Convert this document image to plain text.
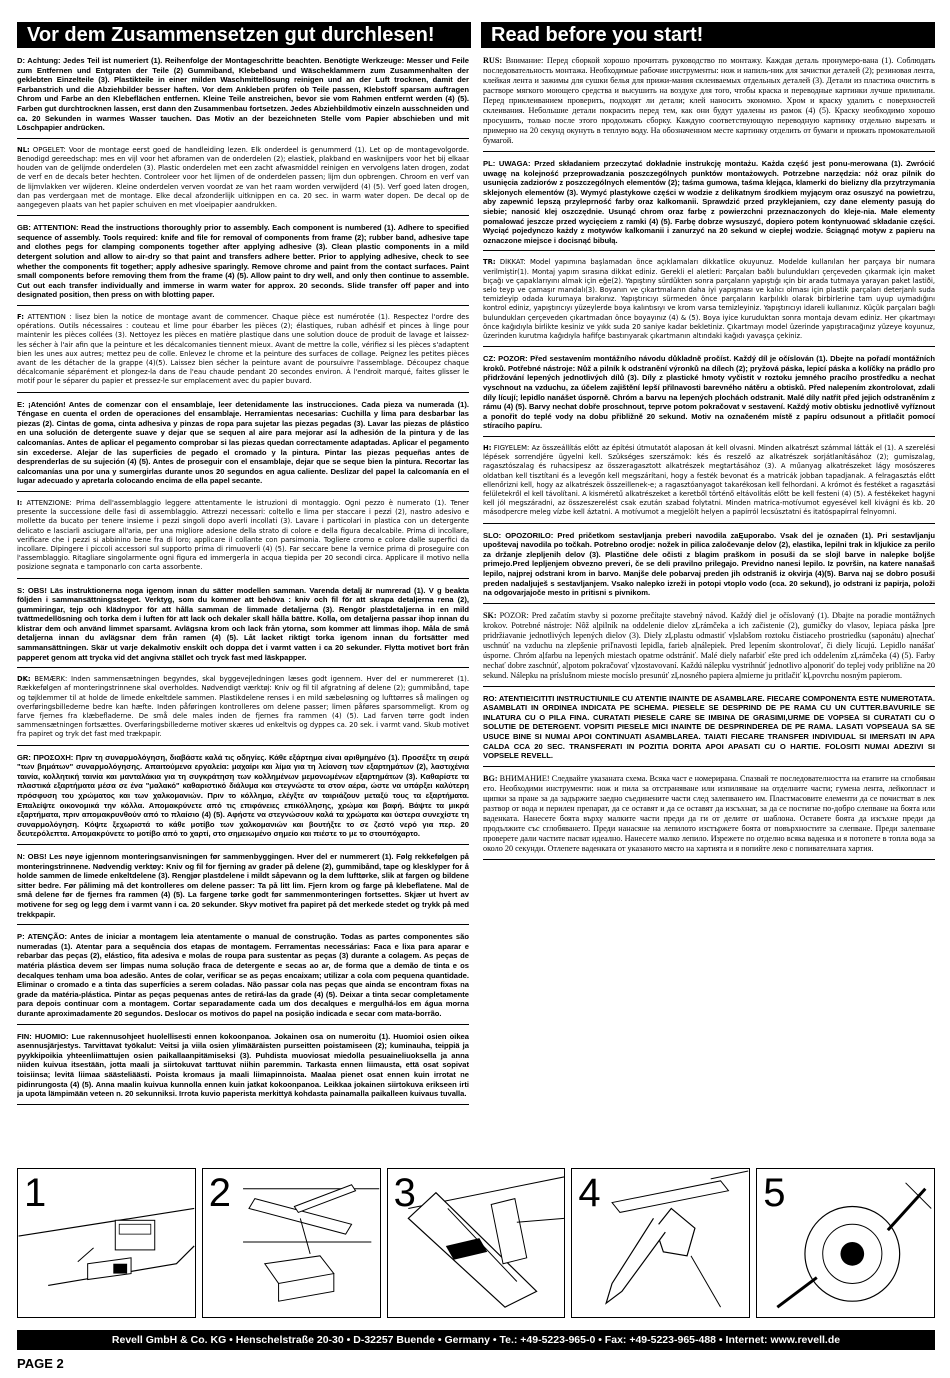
Vor dem Zusammensetzen gut durchlesen!	Read before you start!
D: Achtung: Jedes Teil ist numeriert (1). Reihenfolge der Montageschritte beachten. Benötigte Werkzeuge: Messer und Feile zum Entfernen und Entgraten der Teile (2) Gummiband, Klebeband und Wäscheklammern zum Zusammenhalten der geklebten Einzelteile (3). Plastikteile in einer milden Waschmittellösung reinigen und an der Luft trocknen, damit der Farbanstrich und die Abziehbilder besser haften. Vor dem Ankleben prüfen ob Teile passen, Klebstoff sparsam auftragen Chrom und Farbe an den Klebeflächen entfernen. Kleine Teile anstreichen, bevor sie vom Rahmen entfernt werden (4) (5). Farben gut durchtrocknen lassen, erst dann den Zusammenbau fortsetzen. Jedes Abziehbildmotiv einzeln ausschneiden und ca. 20 Sekunden in warmes Wasser tauchen. Das Motiv an der bezeichneten Stelle vom Papier abschieben und mit Löschpapier andrücken.
NL: OPGELET: Voor de montage eerst goed de handleiding lezen. Elk onderdeel is genummerd (1). Let op de montagevolgorde. Benodigd gereedschap: mes en vijl voor het afbramen van de onderdelen (2); elastiek, plakband en wasknijpers voor het bij elkaar houden van de gelijmde onderdelen (3). Plastic onderdelen met een zacht afwasmiddel reinigen en vervolgens laten drogen, zodat de verf en de decals beter hechten. Controleer voor het lijmen of de onderdelen passen; lijm dun opbrengen. Chroom en verf van de lijmvlakken ver wijderen. Kleine onderdelen verven voordat ze van het raam worden verwijderd (4) (5). Verf goed laten drogen, dan pas verdergaan met de montage. Elke decal afzonderlijk uitknippen en ca. 20 sec. in warm water dopen. De decal op de aangegeven plaats van het papier schuiven en met vloeipapier aandrukken.
GB: ATTENTION: Read the instructions thoroughly prior to assembly. Each component is numbered (1). Adhere to specified sequence of assembly. Tools required: knife and file for removal of components from frame (2); rubber band, adhesive tape and clothes pegs for clamping components together after applying adhesive (3). Clean plastic components in a mild detergent solution and allow to air-dry so that paint and transfers adhere better. Prior to applying adhesive, check to see whether the components fit together; apply adhesive sparingly. Remove chrome and paint from the contact surfaces. Paint small components before removing them from the frame (4) (5). Allow paint to dry well, and only then continue to assemble. Cut out each transfer individually and immerse in warm water for approx. 20 seconds. Slide transfer off paper and into designated position, then press on with blotting paper.
F: ATTENTION : lisez bien la notice de montage avant de commencer. Chaque pièce est numérotée (1). Respectez l'ordre des opérations. Outils nécessaires : couteau et lime pour ébarber les pièces (2); élastiques, ruban adhésif et pinces à linge pour maintenir les pièces collées (3). Nettoyez les pièces en matière plastique dans une solution douce de produit de lavage et laissez-les sécher à l'air afin que la peinture et les décalcomanies tiennent mieux. Avant de mettre la colle, vérifiez si les pièces s'adaptent bien les unes aux autres; mettez peu de colle. Enlevez le chrome et la peinture des surfaces de collage. Peignez les petites pièces avant de les détacher de la grappe (4)(5). Laissez bien sécher la peinture avant de poursuivre l'assemblage. Découpez chaque décalcomanie séparément et plongez-la dans de l'eau chaude pendant 20 secondes environ. À l'endroit marqué, faites glisser le motif pour le séparer du papier et pressez-le sur emplacement avec du papier buvard.
E: ¡Atención! Antes de comenzar con el ensamblaje, leer detenidamente las instrucciones. Cada pieza va numerada (1). Téngase en cuenta el orden de operaciones del ensamblaje. Herramientas necesarias: Cuchilla y lima para desbarbar las piezas (2). Cintas de goma, cinta adhesiva y pinzas de ropa para sujetar las piezas pegadas (3). Lavar las piezas de plástico en una solución de detergente suave y dejar que se sequen al aire para mejorar así la adhesión de la pintura y de las calcomanías. Antes de aplicar el pegamento comprobar si las piezas quedan correctamente adaptadas. Aplicar el pegamento sin excederse. Alejar de las superficies de pegado el cromado y la pintura. Pintar las piezas pequeñas antes de desprenderlas de su sujeción (4) (5). Antes de proseguir con el ensamblaje, dejar que se seque bien la pintura. Recortar las calcomanías una por una y sumergirlas durante unos 20 segundos en agua caliente. Deslizar del papel la calcomanía en el lugar adecuado y apretarla colocando encima de ella papel secante.
I: ATTENZIONE: Prima dell'assemblaggio leggere attentamente le istruzioni di montaggio. Ogni pezzo è numerato (1). Tener presente la successione delle fasi di assemblaggio. Attrezzi necessari: coltello e lima per staccare i pezzi (2), nastro adesivo e mollette da bucato per tenere insieme i pezzi singoli dopo averli incollati (3). Lavare i particolari in plastica con un detergente delicato e lasciarli asciugare all'aria, per una migliore adesione della strato di colore e della figura decalcabile. Prima di incollare, verificare che i pezzi si abbinino bene fra di loro; applicare il collante con parsimonia. Togliere cromo e colore dalle superfici da incollare. Dipingere i piccoli accessori sul supporto prima di rimuoverli (4) (5). Far seccare bene la vernice prima di proseguire con l'assemblaggio. Ritagliare singolarmente ogni figura ed immergerla in acqua tiepida per 20 secondi circa. Applicare il motivo nella posizione segnata e tamponarlo con carta assorbente.
S: OBS! Läs instruktionerna noga igenom innan du sätter modellen samman. Varenda detalj är numrerad (1). V g beakta följden i sammansättningssteget. Verktyg, som du kommer att behöva : kniv och fil för att skrapa detaljerna rena (2), gummiringar, tejp och klädnypor för att hålla samman de limmade detaljerna (3). Rengör plastdetaljerna in en mild tvättmedellösning och torka dem i luften för att lack och dekaler skall hålla bättre. Kolla, om detaljerna passar ihop innan du klistrar dem och använd limmet sparsamt. Avlägsna krom och lack från ytorna, som kommer att limmas ihop. Måla de små detaljerna innan du avlägsnar dem från ramen (4) (5). Låt lacket riktigt torka igenom innan du fortsätter med sammansättningen. Skär ut varje dekalmotiv enskilt och doppa det i varmt vatten i ca 20 sekunder. Flytta motivet bort från papperet genom att trycka vid det angivna stället och tryck fast med läskpapper.
DK: BEMÆRK: Inden sammensætningen begyndes, skal byggevejledningen læses godt igennem. Hver del er nummereret (1). Rækkefølgen af monteringstrinnene skal overholdes. Nødvendigt værktøj: Kniv og fil til afgratning af delene (2); gummibånd, tape og tøjklemmer til at holde de limede enkeltdele sammen. Plastikdelene renses i en mild sæbeløsning og lufttørres så malingen og overføringsbillederne bedre kan hæfte. Inden påføringen kontrolleres om delene passer; limen påføres sparsommeligt. Krom og farve fjernes fra klæbefladerne. De små dele males inden de fjernes fra rammen (4) (5). Lad farven tørre godt inden sammensætningen fortsættes. Overføringsbillederne motiver skæres ud enkeltvis og dyppes ca. 20 sek. i varmt vand. Skub motivet fra papiret og tryk det fast med trækpapir.
GR: ΠΡΟΣΟΧΗ: Πριν τη συναρμολόγηση, διαβάστε καλά τις οδηγίες. Κάθε εξάρτημα είναι αριθμημένο (1). Προσέξτε τη σειρά "των βημάτων" συναρμολόγησης. Απαιτούμενα εργαλεία: μαχαίρι και λίμα για τη λείανση των εξαρτημάτων (2), λαστιχένια ταινία, κολλητική ταινία και μανταλάκια για τη συγκράτηση των κολλημένων μεμονωμένων εξαρτημάτων (3). Καθαρίστε τα πλαστικά εξαρτήματα μέσα σε ένα "μαλακό" καθαριστικό διάλυμα και στεγνώστε τα στον αέρα, ώστε να υπάρξει καλύτερη πρόσφυση του χρώματος και των χαλκομανιών. Πριν το κόλλημα, ελέγξτε αν ταιριάζουν μεταξύ τους τα εξαρτήματα. Επαλείψτε οικονομικά την κόλλα. Απομακρύνετε από τις επιφάνειες επικόλλησης, χρώμα και βαφή. Βάψτε τα μικρά εξαρτήματα, πριν απομακρυνθούν από το πλαίσιο (4) (5). Αφήστε να στεγνώσουν καλά τα χρώματα και ύστερα συνεχίστε τη συναρμολόγηση. Κόψτε ξεχωριστά το κάθε μοτίβο των χαλκομανιών και βουτήξτε το σε ζεστό νερό για περ. 20 δευτερόλεπτα. Απομακρύνετε το μοτίβο από το χαρτί, στο σημειωμένο σημείο και πιέστε το με το στουπόχαρτο.
N: OBS! Les nøye igjennom monteringsanvisningen før sammenbyggingen. Hver del er nummerert (1). Følg rekkefølgen på monteringstrinnene. Nødvendig verktøy: Kniv og fil for fjerning av grader på delene (2), gummibånd, tape og klesklyper for å holde sammen de limede enkeltdelene (3). Rengjør plastdelene i mildt såpevann og la dem lufttørke, slik at fargen og bildene sitter bedre. Før påliming må det kontrolleres om delene passer: Ta på litt lim. Fjern krom og farge på klebeflatene. Mal de små delene før de fjernes fra rammen (4) (5). La fargene tørke godt før sammenmonteringen fortsettes. Skjær ut hvert av motivene for seg og legg dem i varmt vann i ca. 20 sekunder. Skyv motivet fra papiret på det merkede stedet og trykk på med trekkpapir.
P: ATENÇÃO: Antes de iniciar a montagem leia atentamente o manual de construção. Todas as partes componentes são numeradas (1). Atentar para a sequência dos etapas de montagem. Ferramentas necessárias: Faca e lixa para aparar e rebarbar das peças (2), elástico, fita adesiva e molas de roupa para sustentar as peças (3) durante a colagem. As peças de matéria plástica devem ser limpas numa solução fraca de detergente e secas ao ar, de forma que a demão de tinta e os decalques tenham uma boa adesão. Antes de colar, verificar se as peças encaixam; utilizar a cola com pequena quantidade. Eliminar o cromado e a tinta das superfícies a serem coladas. Não passar cola nas peças que ainda se encontram fixas na grade da matéria-plástica. Pintar as peças pequenas antes de retirá-las da grade (4) (5). Deixar a tinta secar completamente para depois continuar com a montagem. Cortar separadamente cada um dos decalques e mergulhá-los em água morna durante aproximadamente 20 segundos. Deslocar os motivos do papel na posição indicada e secar com mata-borrão.
FIN: HUOMIO: Lue rakennusohjeet huolellisesti ennen kokoonpanoa. Jokainen osa on numeroitu (1). Huomioi osien oikea asennusjärjestys. Tarvittavat työkalut: Veitsi ja viila osien ylimääräisten purseitten poistamiseen (2); kuminauha, teippiä ja pyykkipoikia yhteenliimattujen osien paikallaanpitämiseksi (3). Puhdista muoviosat miedolla pesuaineliuoksella ja anna niiden kuivua itsestään, jotta maali ja siirtokuvat tarttuvat niihin paremmin. Tarkasta ennen liimausta, että osat sopivat toisiinsa; levitä liimaa säästeliäästi. Poista kromaus ja maali liimapinnoista. Maalaa pienet osat ennen kuin irrotat ne pidinrungosta (4) (5). Anna maalin kuivua kunnolla ennen kuin jatkat kokoonpanoa. Leikkaa jokainen siirtokuva erikseen irti ja upota lämpimään veteen n. 20 sekunniksi. Irrota kuvio paperista merkittyä kohdasta painamalla paikalleen kuivaus tuvalla.
RUS: Внимание: Перед сборкой хорошо прочитать руководство по монтажу. Каждая деталь пронумеро-вана (1). Соблюдать последовательность монтажа. Необходимые рабочие инструменты: нож и напиль-ник для зачистки деталей (2); резиновая лента, клейкая лента и зажимы для сушки белья для прижи-мания склеиваемых отдельных деталей (3). Детали из пластика очистить в растворе мягкого моющего средства и высушить на воздухе для того, чтобы краска и переводные картинки лучше прилипали. Перед приклеиванием проверить, подходят ли детали; клей наносить экономно. Хром и краску удалить с поверхностей склеивания. Небольшие детали покрасить перед тем, как они будут удалены из рамок (4) (5). Краску необходимо хорошо просушить, только после этого продолжать сборку. Каждую соответствующую переводную картинку отдельно вырезать и примерно на 20 секунд окунуть в теплую воду. На обозначенном месте картинку отделить от бумаги и прижать промокательной бумагой.
PL: UWAGA: Przed składaniem przeczytać dokładnie instrukcję montażu. Każda część jest ponu-merowana (1). Zwrócić uwagę na kolejność przeprowadzania poszczególnych punktów montażowych. Potrzebne narzędzia: nóż oraz pilnik do usunięcia zadziorów z poszczególnych elementów (2); taśma gumowa, taśma klejąca, klamerki do bielizny dla przytrzymania sklejonych elementów (3). Wymyć plastykowe części w wodzie z delikatnym środkiem myjącym oraz osuszyć na powietrzu, aby zapewnić lepszą przyleprność farby oraz kalkomanii. Sprawdzić przed przyklejaniem, czy dane elementy pasują do siebie; nanosić klej oszczędnie. Usunąć chrom oraz farbę z powierzchni przeznaczonych do kleje-nia. Małe elementy pomalować jeszcze przed wycięciem z ramki (4) (5). Farbę dobrze wysuszyć, dopiero potem kontynuować składanie części. Wyciąć pojedynczo każdy z motywów kalkomanii i zanurzyć na 20 sekund w ciepłej wodzie. Ściągnąć motyw z papieru na oznaczone miejsce i docisnąć bibułą.
TR: DİKKAT: Model yapımına başlamadan önce açıklamaları dikkatlice okuyunuz. Modelde kullanılan her parçaya bir numara verilmiştir(1). Montaj yapım sırasına dikkat ediniz. Gerekli el aletleri: Parçaları baðlı bulundukları çerçeveden çıkarmak için maket bıçağı ve çapaklarıyını almak için eğe(2). Yapıştırıy sürdükten sonra parçaların yapıştığı ıçin bir arada tutmaya yarayan paket lastiði, selo teyp ve çamaşır mandalı(3). Boyanın ve çıkartmaların daha iyi yapışması ve kalıcı olması için plastik parçaları deterjanlı suda temizleyip odada kurumaya bırakınız. Yapıştırıcıyı sürmeden önce parçaların karþılıklı olarak birbirlerine tam uyup uymadığını kontrol ediniz, yapıştırıcıyı yüzeylerde boya kalıntısıyı ve krom varsa temizleyiniz. Yapıştırıcıyı idareli kullanınız. Küçük parçaları bağlı bulundukları çerçeveden çıkartmadan önce boyayınız (4) & (5). Boya iyice kuruduktan sonra montaja devam ediniz. Her çıkartmayı önce kağıdıyla birlikte kesiniz ve yıkk suda 20 saniye kadar bekletiniz. Çıkartmayı model üzerinde yapıştıracağınız yüzeye koyunuz, üzerinden kurutma kağıdıyla hafifçe bastırıyarak çıkartmanın altındaki kağıdı yavaşça çekiniz.
CZ: POZOR: Před sestavením montážního návodu důkladně pročíst. Každý díl je očíslován (1). Dbejte na pořadí montážních kroků. Potřebné nástroje: Nůž a pilník k odstranění výronků na dílech (2); pryžová páska, lepicí páska a kolíčky na prádlo pro přidržování lepených jednotlivých dílů (3). Díly z plastické hmoty vyčistit v roztoku jemného pracího prostředku a nechat vyschnout na vzduchu, za účelem zajištění lepší přilnavosti barevného nátěru a obtisků. Před nalepením zkontrolovat, zdali díly lícují; lepidlo nanášet úsporně. Chróm a barvu na lepených plochách odstranit. Malé díly natřít před jejich odstraněním z rámu (4) (5). Barvy nechat dobře proschnout, teprve potom pokračovat v sestavení. Každý motiv obtisku jednotlivě vyříznout a ponořit do teplé vody na dobu přibližně 20 sekund. Motiv na označeném místě z papíru odsunout a přitlačit pomocí stíracího papíru.
H: FIGYELEM: Az összeállítás előtt az építési útmutatót alaposan át kell olvasni. Minden alkatrészt számmal látták el (1). A szerelési lépések sorrendjére ügyelni kell. Szükséges szerszámok: kés és reszelő az alkatrészek sorjátlanításához (2); gumiszalag, ragasztószalag és ruhacsipesz az összeragasztott alkatrészek megtartásához (3). A műanyag alkatrészeket lágy mosószeres oldatban kell tisztítani és a levegőn kell megszárítani, hogy a festék bevonat és a matricák jobban tapadjanak. A felragasztás előtt ellenőrizni kell, hogy az alkatrészek összeillenek-e; a ragasztóanyagot takarékosan kell felhordani. A krómot és festéket a ragasztási felületekről el kell távolítani. A kisméretű alkatrészeket a keretből történő eltávolítás előtt be kell festeni (4) (5). A festékeket hagyni kell jól megszáradni, az összeszerelést csak ezután szabad folytatni. Minden matrica-motívumot egyesével kell kivágni és kb. 20 másodpercre meleg vízbe kell áztatni. A motívumot a megjelölt helyen a papírról lecsúsztatni és itatóspapírral felnyomni.
SLO: OPOZORILO: Pred pričetkom sestavljanja preberi navodila zaĘuporabo. Vsak del je označen (1). Pri sestavljanju upoštevaj navodila po točkah. Potrebno orodje: nožek in pilica zaločevanje delov (2), elastika, lepilni trak in kljukice za perilo za držanje zlepljenih delov (3). Plastične dele očisti z blagim praškom in posuši da se slojl barve in nalepke boljše primejo.Pred lepljenjem obvezno preveri, če se deli pravilno prilegajo. Previdno nanesi lepilo. Iz površin, na katere nanašaš lepilo, najprej odstrani krom in barvo. Manjše dele pobarvaj preden jih odstraniš iz okvirja (4)(5). Barva naj se dobro posuši preden nadaljuješ s sestavljanjem. Vsako nalepko izreži in potopi vtoplo vodo (cca. 20 sekund), jo odstrani iz papirja, položi na odgovarjajoče mesto in pritisni s pivnikom.
SK: POZOR: Pred začatím stavby si pozorne prečítajte stavebný návod. Každý diel je očíslovaný (1). Dbajte na poradie montážnych krokov. Potrebné nástroje: Nôž aļpilník na oddelenie dielov zĻrámčeka a ich začistenie (2), gumičky do vlasov, lepiaca páska ļpre pridržiavanie jednotlivých lepených dielov (3). Diely zĻplastu odmastiť vļslabšom roztoku čistiaceho prostriedku (saponátu) aļnechať uschnúť na vzduchu na zlepšenie priľnavosti lepidla, farieb aļnálepiek. Pred lepením skontrolovať, či diely lícujú. Lepidlo nanášať úsporne. Chróm aļfarbu na lepených miestach opatrne odstrániť. Malé diely nafarbiť ešte pred ich oddelením zĻrámčeka (4) (5). Farby nechať dobre zaschnúť, aļpotom pokračovať vļzostavovaní. Každú nálepku vystrihnúť jednotlivo aļponoriť do teplej vody približne na 20 sekund. Nálepku na príslušnom mieste mocíslo presunúť zĻnosného papiera aļmierne ju pritlačiť kĻpovrchu nosným papierom.
RO: ATENTIE!CITITI INSTRUCTIUNILE CU ATENTIE INAINTE DE ASAMBLARE. FIECARE COMPONENTA ESTE NUMEROTATA. ASAMBLATI IN ORDINEA INDICATA PE SCHEMA. PIESELE SE DESPRIND DE PE RAMA CU UN CUTTER.BAVURILE SE INLATURA CU O PILA FINA. CURATATI PIESELE CARE SE IMBINA DE GRASIMI,URME DE VOPSEA SI CURATATI CU O SOLUTIE DE DETERGENT. VOPSITI PIESELE MICI INAINTE DE DESPRINDEREA DE PE RAMA. LASATI VOPSEAUA SA SE USUCE BINE SI NUMAI APOI CONTINUATI ASAMBLAREA. TAIATI FIECARE TRANSFER INDIVIDUAL SI IMERSATI IN APA CALDA CCA 20 SEC. TRANSFERATI IN POZITIA DORITA APOI APASATI CU O HARTIE. FOLOSITI NUMAI ADEZIVI SI VOPSELE REVELL.
BG: ВНИМАНИЕ! Следвайте указаната схема. Всяка част е номерирана. Спазвай те последователността на етапите на сглобяван ето. Необходими инструменти: нож и пила за отстраняване или изпиляване на отделните части; гумена лента, лейкопласт и щипки за пране за да задържите заедно съединените части след залепването им. Пластмасовите елементи да се почистват в лек разтвор от вода и перилен препарат, да се оставят и да се оставят да изсъхнат, за да се постигне по-добро слепване на боята или ваденката. Нанесете боята върху малките части преди да ги от делите от шаблона. Оставете боята да изсъхне преди да продължите със сглобяването. Преди нанасяне на лепилото изстържете боята от повърхностите за слепване. Преди залепване проверете дали частите пасват идеално. Нанесете малко лепило. Изрежете по отделно всяка ваденка и я потопете в топла вода за около 20 секунди. Отлепете ваденката от указаното място на хартията и я попийте леко с попивателната хартия.
1	2	3	4	5
Revell GmbH & Co. KG • Henschelstraße 20-30 • D-32257 Buende • Germany • Te.: +49-5223-965-0 • Fax: +49-5223-965-488 • Internet: www.revell.de
PAGE 2
